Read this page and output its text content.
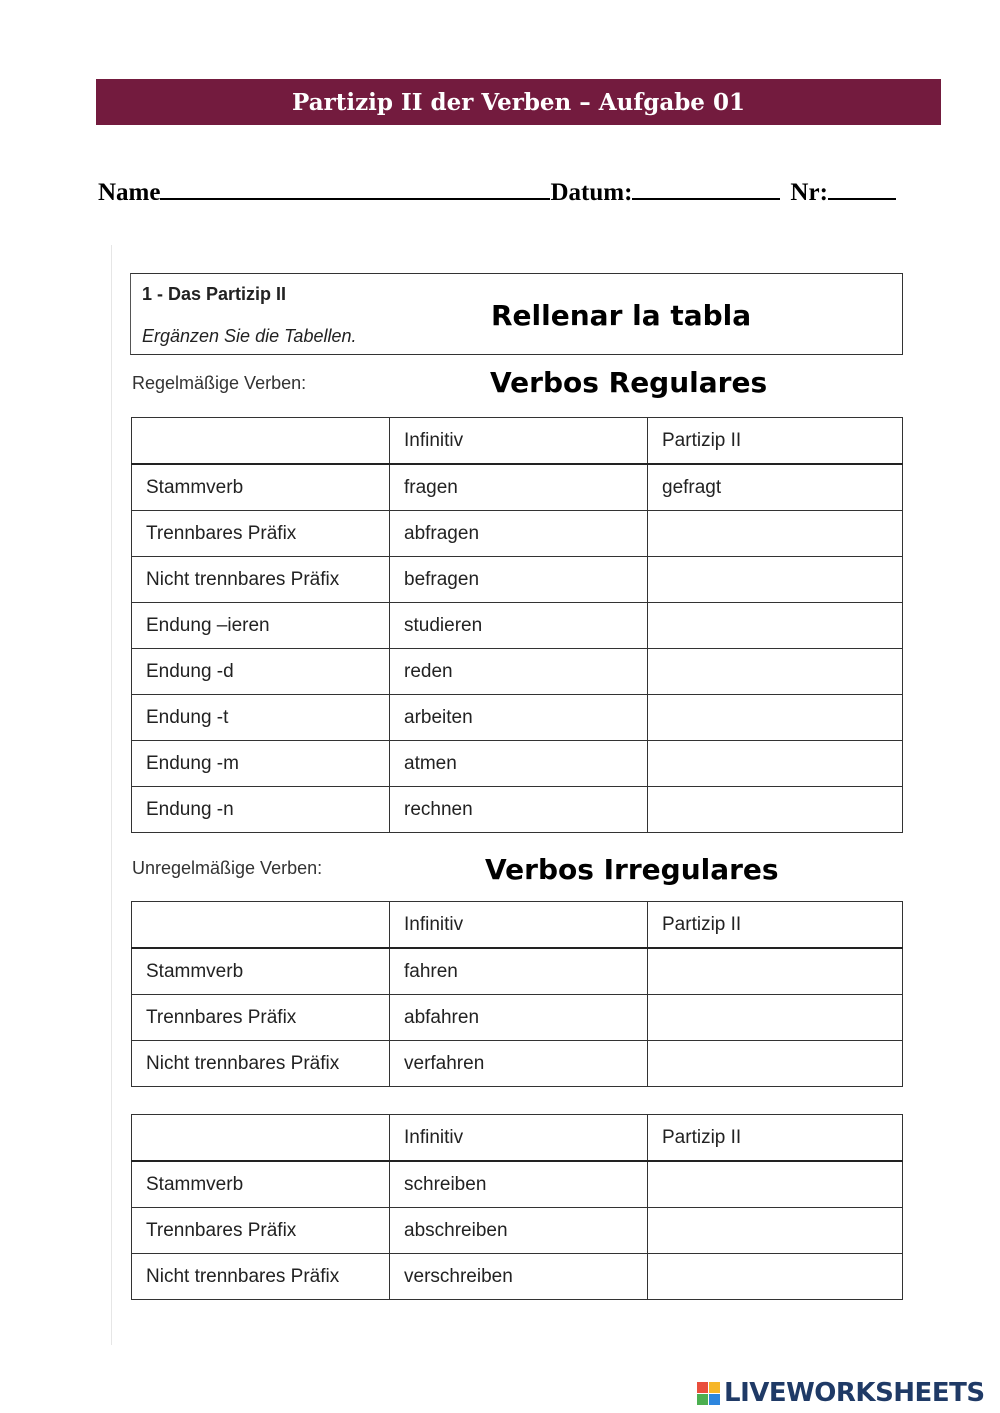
Partizip II der Verben – Aufgabe 01
Name	Datum:	Nr:
1 - Das Partizip II
Ergänzen Sie die Tabellen.
Rellenar la tabla
Regelmäßige Verben:	Verbos Regulares
	Infinitiv	Partizip II
Stammverb	fragen	gefragt
Trennbares Präfix	abfragen	
Nicht trennbares Präfix	befragen	
Endung –ieren	studieren	
Endung -d	reden	
Endung -t	arbeiten	
Endung -m	atmen	
Endung -n	rechnen	
Unregelmäßige Verben:	Verbos Irregulares
	Infinitiv	Partizip II
Stammverb	fahren	
Trennbares Präfix	abfahren	
Nicht trennbares Präfix	verfahren	
	Infinitiv	Partizip II
Stammverb	schreiben	
Trennbares Präfix	abschreiben	
Nicht trennbares Präfix	verschreiben	
LIVEWORKSHEETS
